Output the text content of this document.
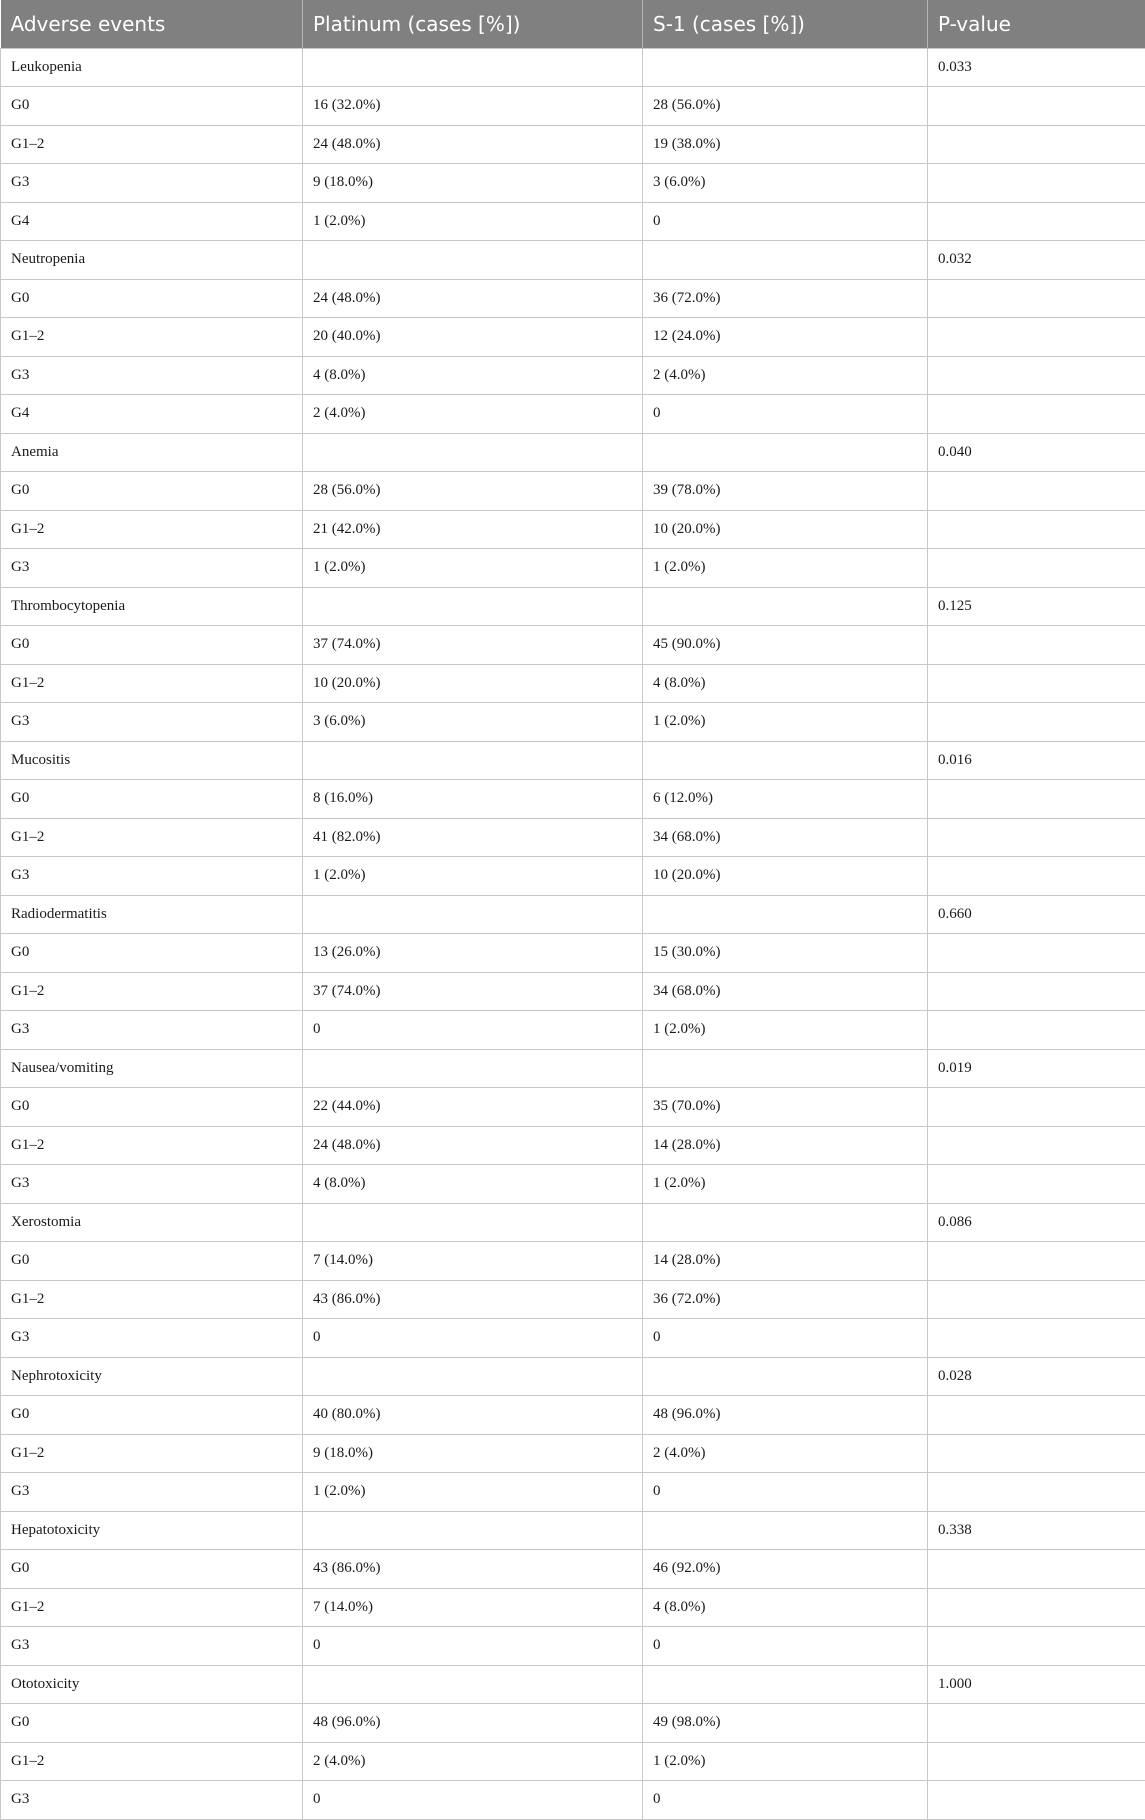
Adverse events	Platinum (cases [%])	S-1 (cases [%])	P-value
Leukopenia			0.033
G0	16 (32.0%)	28 (56.0%)	
G1–2	24 (48.0%)	19 (38.0%)	
G3	9 (18.0%)	3 (6.0%)	
G4	1 (2.0%)	0	
Neutropenia			0.032
G0	24 (48.0%)	36 (72.0%)	
G1–2	20 (40.0%)	12 (24.0%)	
G3	4 (8.0%)	2 (4.0%)	
G4	2 (4.0%)	0	
Anemia			0.040
G0	28 (56.0%)	39 (78.0%)	
G1–2	21 (42.0%)	10 (20.0%)	
G3	1 (2.0%)	1 (2.0%)	
Thrombocytopenia			0.125
G0	37 (74.0%)	45 (90.0%)	
G1–2	10 (20.0%)	4 (8.0%)	
G3	3 (6.0%)	1 (2.0%)	
Mucositis			0.016
G0	8 (16.0%)	6 (12.0%)	
G1–2	41 (82.0%)	34 (68.0%)	
G3	1 (2.0%)	10 (20.0%)	
Radiodermatitis			0.660
G0	13 (26.0%)	15 (30.0%)	
G1–2	37 (74.0%)	34 (68.0%)	
G3	0	1 (2.0%)	
Nausea/vomiting			0.019
G0	22 (44.0%)	35 (70.0%)	
G1–2	24 (48.0%)	14 (28.0%)	
G3	4 (8.0%)	1 (2.0%)	
Xerostomia			0.086
G0	7 (14.0%)	14 (28.0%)	
G1–2	43 (86.0%)	36 (72.0%)	
G3	0	0	
Nephrotoxicity			0.028
G0	40 (80.0%)	48 (96.0%)	
G1–2	9 (18.0%)	2 (4.0%)	
G3	1 (2.0%)	0	
Hepatotoxicity			0.338
G0	43 (86.0%)	46 (92.0%)	
G1–2	7 (14.0%)	4 (8.0%)	
G3	0	0	
Ototoxicity			1.000
G0	48 (96.0%)	49 (98.0%)	
G1–2	2 (4.0%)	1 (2.0%)	
G3	0	0	
